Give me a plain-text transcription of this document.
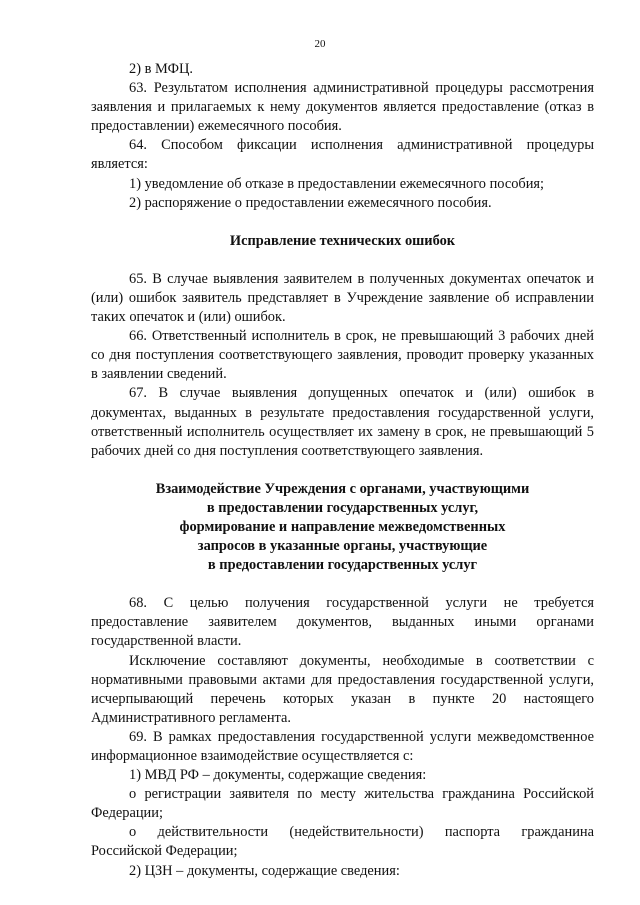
20

2) в МФЦ.

63. Результатом исполнения административной процедуры рассмотрения заявления и прилагаемых к нему документов является предоставление (отказ в предоставлении) ежемесячного пособия.

64. Способом фиксации исполнения административной процедуры является:

1) уведомление об отказе в предоставлении ежемесячного пособия;

2) распоряжение о предоставлении ежемесячного пособия.

Исправление технических ошибок

65. В случае выявления заявителем в полученных документах опечаток и (или) ошибок заявитель представляет в Учреждение заявление об исправлении таких опечаток и (или) ошибок.

66. Ответственный исполнитель в срок, не превышающий 3 рабочих дней со дня поступления соответствующего заявления, проводит проверку указанных в заявлении сведений.

67. В случае выявления допущенных опечаток и (или) ошибок в документах, выданных в результате предоставления государственной услуги, ответственный исполнитель осуществляет их замену в срок, не превышающий 5 рабочих дней со дня поступления соответствующего заявления.

Взаимодействие Учреждения с органами, участвующими
в предоставлении государственных услуг,
формирование и направление межведомственных
запросов в указанные органы, участвующие
в предоставлении государственных услуг

68. С целью получения государственной услуги не требуется предоставление заявителем документов, выданных иными органами государственной власти.

Исключение составляют документы, необходимые в соответствии с нормативными правовыми актами для предоставления государственной услуги, исчерпывающий перечень которых указан в пункте 20 настоящего Административного регламента.

69. В рамках предоставления государственной услуги межведомственное информационное взаимодействие осуществляется с:

1) МВД РФ – документы, содержащие сведения:

о регистрации заявителя по месту жительства гражданина Российской Федерации;

о действительности (недействительности) паспорта гражданина Российской Федерации;

2) ЦЗН – документы, содержащие сведения:
